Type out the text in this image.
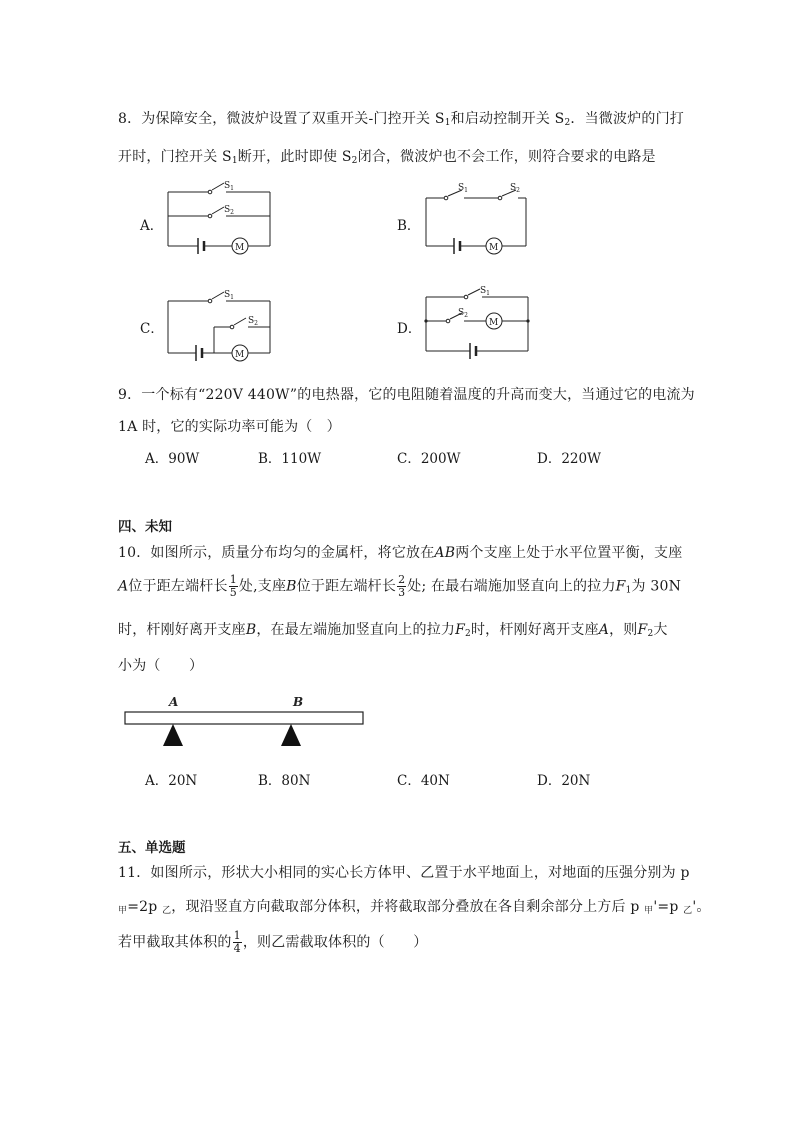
8．为保障安全，微波炉设置了双重开关-门控开关 $S_1$和启动控制开关 $S_2$．当微波炉的门打
开时，门控开关 $S_1$断开，此时即使 $S_2$闭合，微波炉也不会工作，则符合要求的电路是
A．	B．
C．	D．
$S_1$
$S_2$
M
$S_1$	$S_2$
M
$S_1$
$S_2$
M
$S_1$
$S_2$
M
9．一个标有“220V 440W”的电热器，它的电阻随着温度的升高而变大，当通过它的电流为
1A 时，它的实际功率可能为（　）
A．90W	B．110W	C．200W	D．220W
四、未知
10．如图所示，质量分布均匀的金属杆，将它放在AB两个支座上处于水平位置平衡，支座
A位于距左端杆长 $\frac{1}{5}$ 处,支座B位于距左端杆长 $\frac{2}{3}$ 处; 在最右端施加竖直向上的拉力$F_1$为 30N
时，杆刚好离开支座B，在最左端施加竖直向上的拉力$F_2$时，杆刚好离开支座A，则$F_2$大
小为（　　）
A	B
A．20N	B．80N	C．40N	D．20N
五、单选题
11．如图所示，形状大小相同的实心长方体甲、乙置于水平地面上，对地面的压强分别为 p
$_甲$=2p $_乙$，现沿竖直方向截取部分体积，并将截取部分叠放在各自剩余部分上方后 p $_甲$'=p $_乙$'。
若甲截取其体积的 $\frac{1}{4}$ ，则乙需截取体积的（　　）
